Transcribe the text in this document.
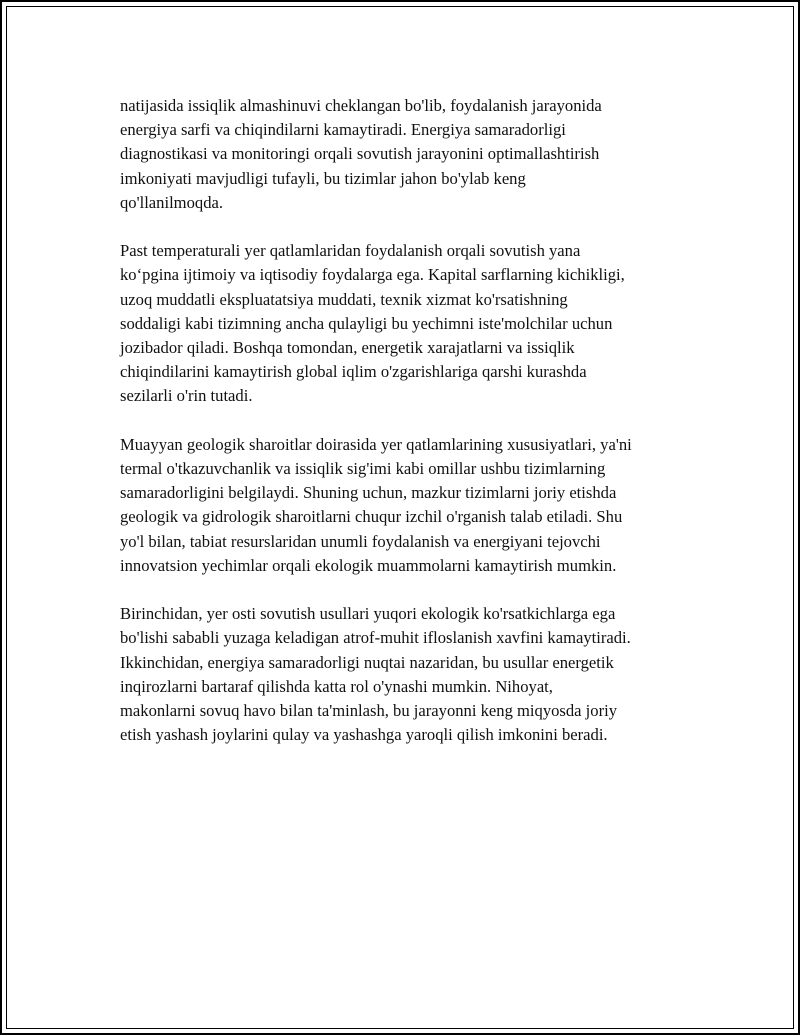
natijasida issiqlik almashinuvi cheklangan bo'lib, foydalanish jarayonida
energiya sarfi va chiqindilarni kamaytiradi. Energiya samaradorligi
diagnostikasi va monitoringi orqali sovutish jarayonini optimallashtirish
imkoniyati mavjudligi tufayli, bu tizimlar jahon bo'ylab keng
qo'llanilmoqda.

Past temperaturali yer qatlamlaridan foydalanish orqali sovutish yana
ko‘pgina ijtimoiy va iqtisodiy foydalarga ega. Kapital sarflarning kichikligi,
uzoq muddatli ekspluatatsiya muddati, texnik xizmat ko'rsatishning
soddaligi kabi tizimning ancha qulayligi bu yechimni iste'molchilar uchun
jozibador qiladi. Boshqa tomondan, energetik xarajatlarni va issiqlik
chiqindilarini kamaytirish global iqlim o'zgarishlariga qarshi kurashda
sezilarli o'rin tutadi.

Muayyan geologik sharoitlar doirasida yer qatlamlarining xususiyatlari, ya'ni
termal o'tkazuvchanlik va issiqlik sig'imi kabi omillar ushbu tizimlarning
samaradorligini belgilaydi. Shuning uchun, mazkur tizimlarni joriy etishda
geologik va gidrologik sharoitlarni chuqur izchil o'rganish talab etiladi. Shu
yo'l bilan, tabiat resurslaridan unumli foydalanish va energiyani tejovchi
innovatsion yechimlar orqali ekologik muammolarni kamaytirish mumkin.

Birinchidan, yer osti sovutish usullari yuqori ekologik ko'rsatkichlarga ega
bo'lishi sababli yuzaga keladigan atrof-muhit ifloslanish xavfini kamaytiradi.
Ikkinchidan, energiya samaradorligi nuqtai nazaridan, bu usullar energetik
inqirozlarni bartaraf qilishda katta rol o'ynashi mumkin. Nihoyat,
makonlarni sovuq havo bilan ta'minlash, bu jarayonni keng miqyosda joriy
etish yashash joylarini qulay va yashashga yaroqli qilish imkonini beradi.
